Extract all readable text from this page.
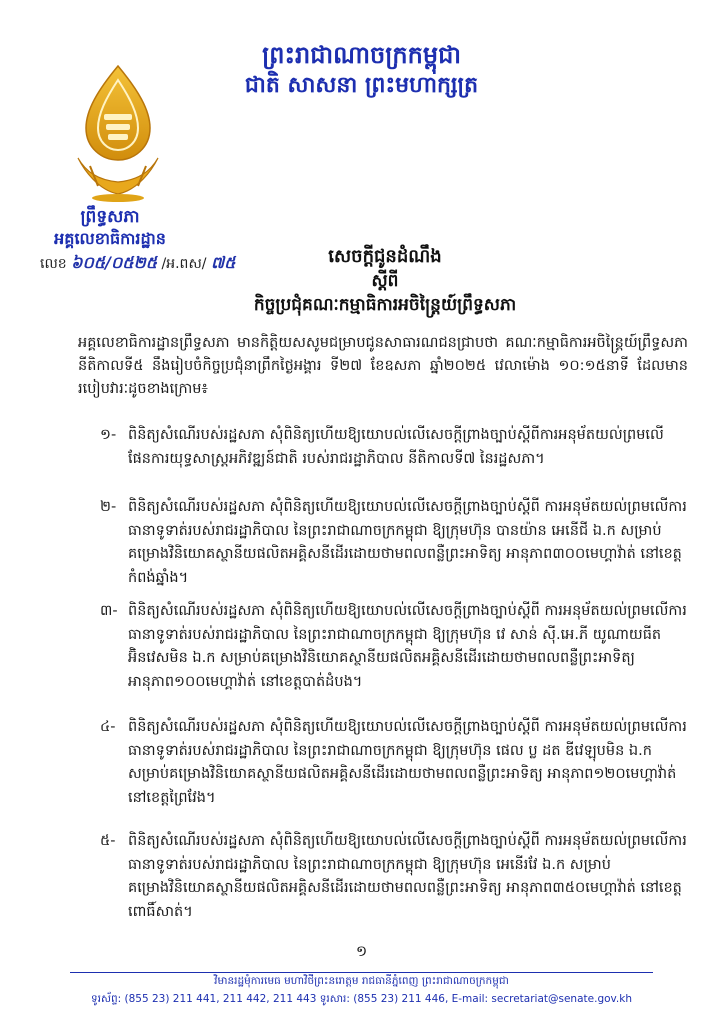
ព្រះរាជាណាចក្រកម្ពុជា
ជាតិ សាសនា ព្រះមហាក្សត្រ
ព្រឹទ្ធសភា
អគ្គលេខាធិការដ្ឋាន
លេខ ៦០៥/០៥២៥ /អ.ពស/ ៧៥	សេចក្ដីជូនដំណឹង
ស្ដីពី
កិច្ចប្រជុំគណៈកម្មាធិការអចិន្ត្រៃយ៍ព្រឹទ្ធសភា
អគ្គលេខាធិការដ្ឋានព្រឹទ្ធសភា មានកិត្តិយសសូមជម្រាបជូនសាធារណជនជ្រាបថា គណៈកម្មាធិការអចិន្ត្រៃយ៍ព្រឹទ្ធសភា នីតិកាលទី៥ នឹងរៀបចំកិច្ចប្រជុំនាព្រឹកថ្ងៃអង្គារ ទី២៧ ខែឧសភា ឆ្នាំ២០២៥ វេលាម៉ោង ១០:១៥នាទី ដែលមានរបៀបវារៈដូចខាងក្រោម៖
១- ពិនិត្យសំណើរបស់រដ្ឋសភា សុំពិនិត្យហើយឱ្យយោបល់លើសេចក្ដីព្រាងច្បាប់ស្ដីពីការអនុម័តយល់ព្រមលើផែនការយុទ្ធសាស្ត្រអភិវឌ្ឍន៍ជាតិ របស់រាជរដ្ឋាភិបាល នីតិកាលទី៧ នៃរដ្ឋសភា។
២- ពិនិត្យសំណើរបស់រដ្ឋសភា សុំពិនិត្យហើយឱ្យយោបល់លើសេចក្ដីព្រាងច្បាប់ស្ដីពី ការអនុម័តយល់ព្រមលើការធានាទូទាត់របស់រាជរដ្ឋាភិបាល នៃព្រះរាជាណាចក្រកម្ពុជា ឱ្យក្រុមហ៊ុន បានយ៉ាន អេនើជី ឯ.ក សម្រាប់គម្រោងវិនិយោគស្ថានីយផលិតអគ្គិសនីដើរដោយថាមពលពន្លឺព្រះអាទិត្យ អានុភាព៣០០មេហ្គាវ៉ាត់ នៅខេត្តកំពង់ឆ្នាំង។
៣- ពិនិត្យសំណើរបស់រដ្ឋសភា សុំពិនិត្យហើយឱ្យយោបល់លើសេចក្ដីព្រាងច្បាប់ស្ដីពី ការអនុម័តយល់ព្រមលើការធានាទូទាត់របស់រាជរដ្ឋាភិបាល នៃព្រះរាជាណាចក្រកម្ពុជា ឱ្យក្រុមហ៊ុន វេ សាន់ ស៊ី.អេ.ភី យូណាយធីត អ៊ិនវេសមិន ឯ.ក សម្រាប់គម្រោងវិនិយោគស្ថានីយផលិតអគ្គិសនីដើរដោយថាមពលពន្លឺព្រះអាទិត្យ អានុភាព១០០មេហ្គាវ៉ាត់ នៅខេត្តបាត់ដំបង។
៤- ពិនិត្យសំណើរបស់រដ្ឋសភា សុំពិនិត្យហើយឱ្យយោបល់លើសេចក្ដីព្រាងច្បាប់ស្ដីពី ការអនុម័តយល់ព្រមលើការធានាទូទាត់របស់រាជរដ្ឋាភិបាល នៃព្រះរាជាណាចក្រកម្ពុជា ឱ្យក្រុមហ៊ុន ផេល ប្ល ដត ឌីវេឡុបមិន ឯ.ក សម្រាប់គម្រោងវិនិយោគស្ថានីយផលិតអគ្គិសនីដើរដោយថាមពលពន្លឺព្រះអាទិត្យ អានុភាព១២០មេហ្គាវ៉ាត់ នៅខេត្តព្រៃវែង។
៥- ពិនិត្យសំណើរបស់រដ្ឋសភា សុំពិនិត្យហើយឱ្យយោបល់លើសេចក្ដីព្រាងច្បាប់ស្ដីពី ការអនុម័តយល់ព្រមលើការធានាទូទាត់របស់រាជរដ្ឋាភិបាល នៃព្រះរាជាណាចក្រកម្ពុជា ឱ្យក្រុមហ៊ុន អេនើរវែ ឯ.ក សម្រាប់គម្រោងវិនិយោគស្ថានីយផលិតអគ្គិសនីដើរដោយថាមពលពន្លឺព្រះអាទិត្យ អានុភាព៣៥០មេហ្គាវ៉ាត់ នៅខេត្តពោធិ៍សាត់។
១
វិមានរដ្ឋមុំការមេធ មហាវិថីព្រះនរោត្តម រាជធានីភ្នំពេញ ព្រះរាជាណាចក្រកម្ពុជា
ទូរស័ព្ទ: (855 23) 211 441, 211 442, 211 443 ទូរសារ: (855 23) 211 446, E-mail: secretariat@senate.gov.kh
